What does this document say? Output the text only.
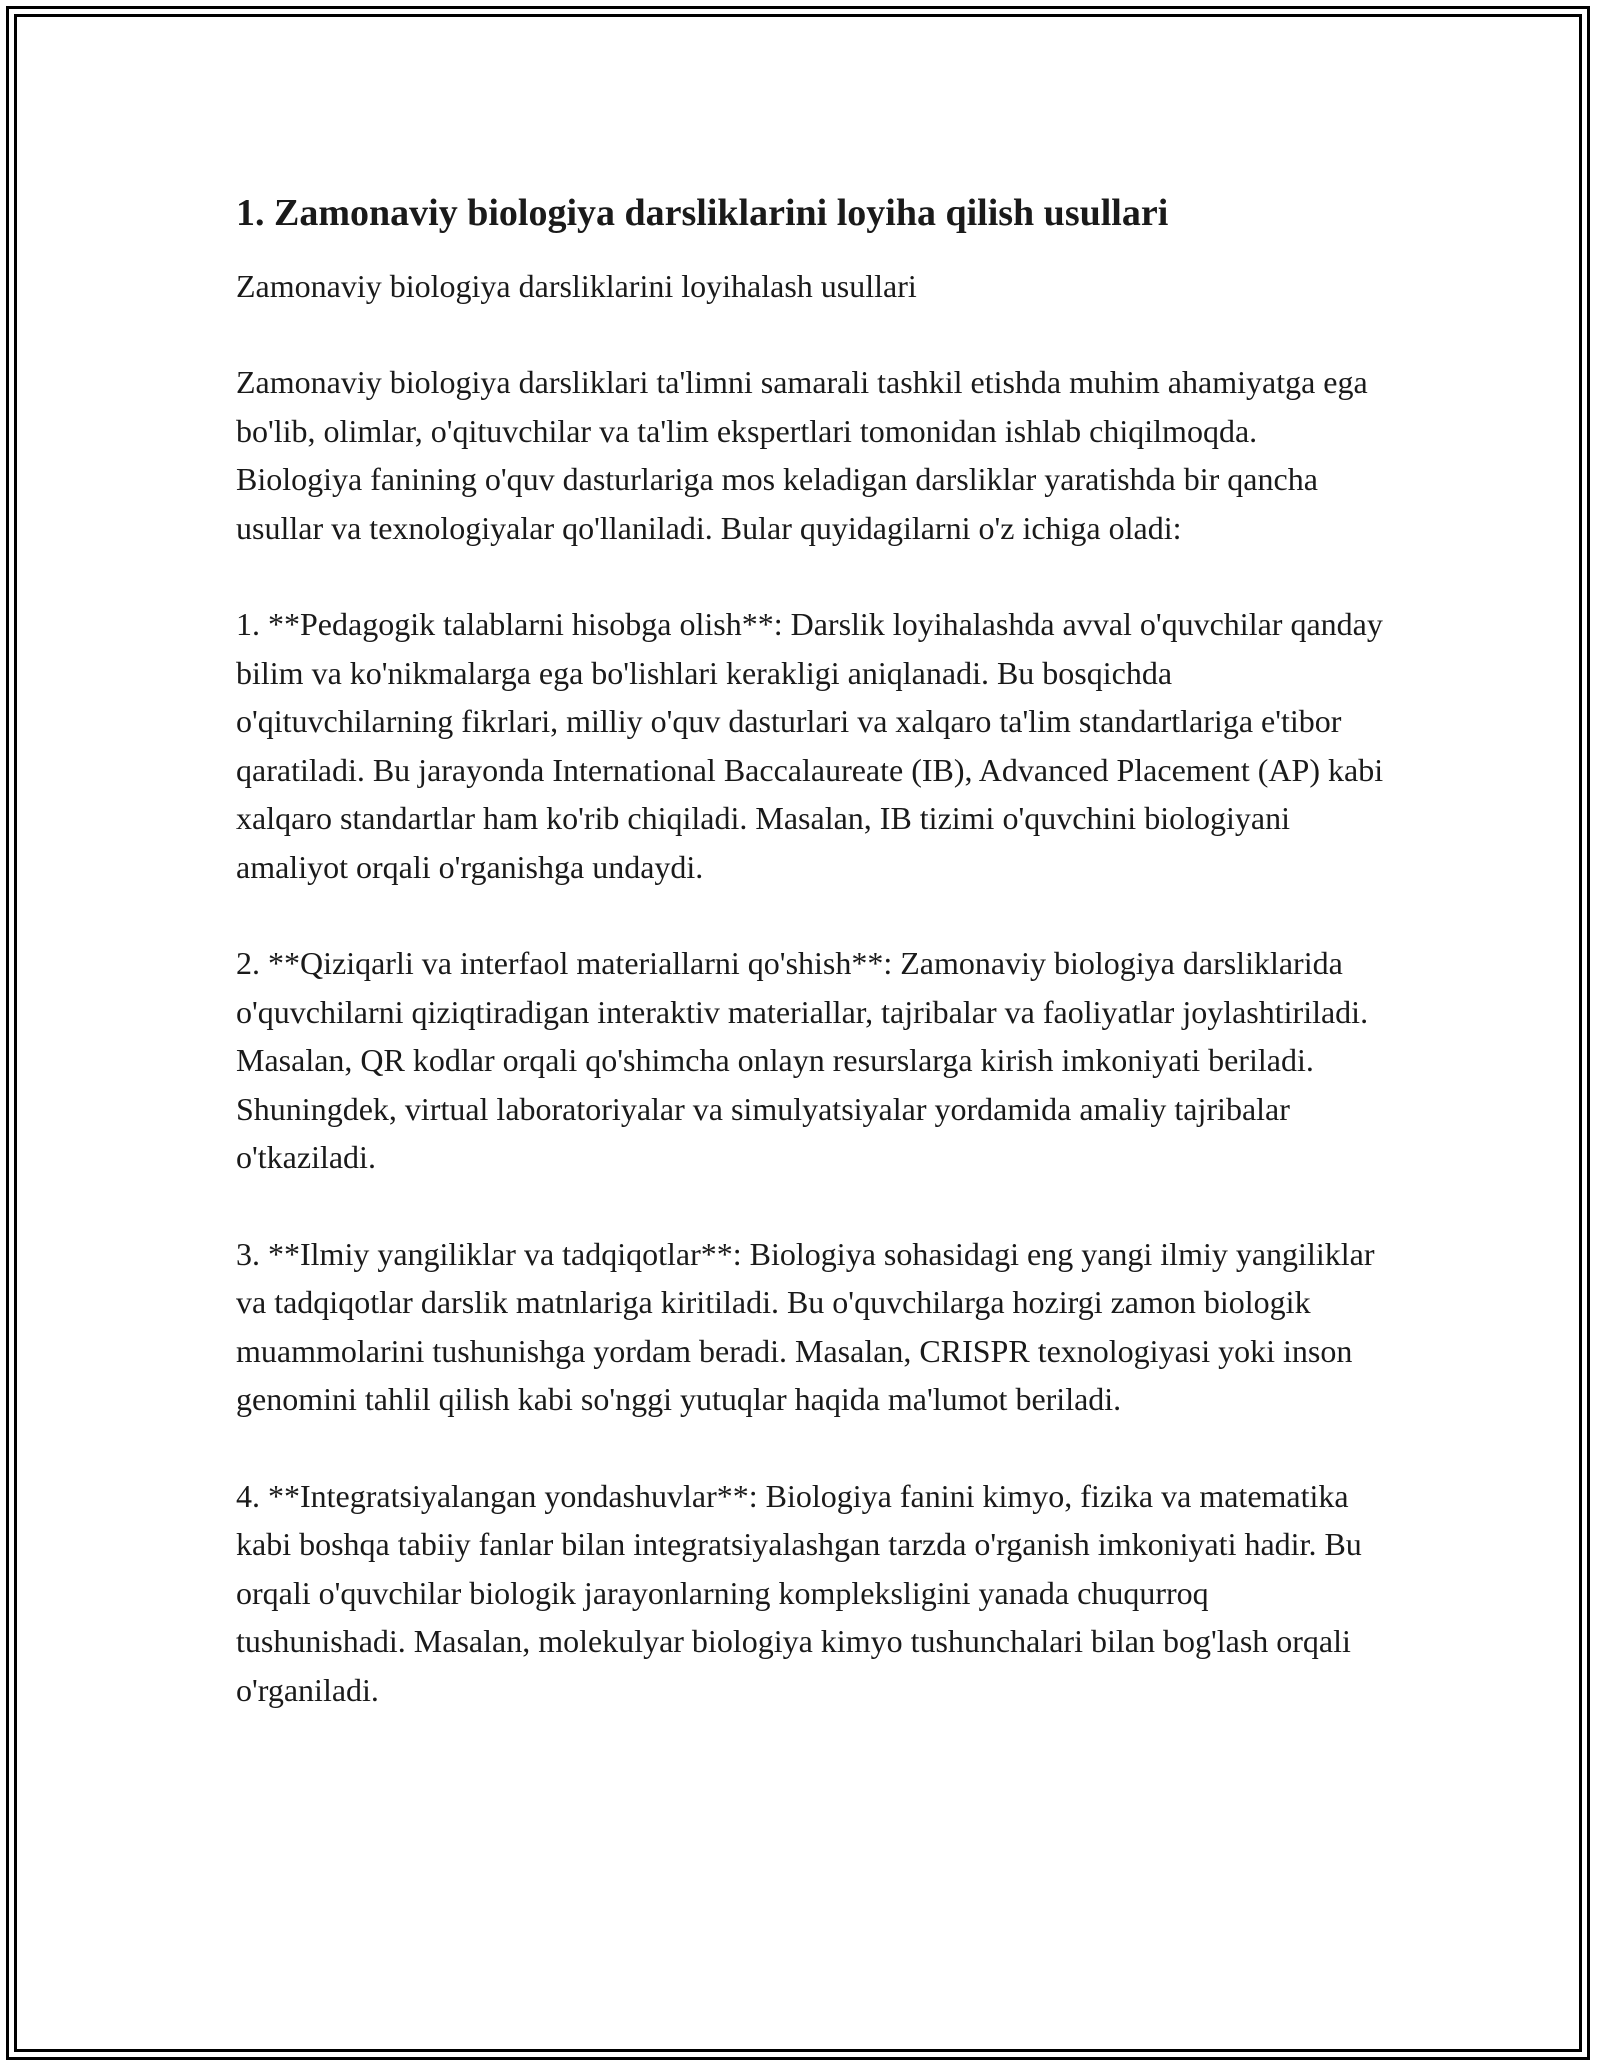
1. Zamonaviy biologiya darsliklarini loyiha qilish usullari

Zamonaviy biologiya darsliklarini loyihalash usullari

Zamonaviy biologiya darsliklari ta'limni samarali tashkil etishda muhim ahamiyatga ega bo'lib, olimlar, o'qituvchilar va ta'lim ekspertlari tomonidan ishlab chiqilmoqda. Biologiya fanining o'quv dasturlariga mos keladigan darsliklar yaratishda bir qancha usullar va texnologiyalar qo'llaniladi. Bular quyidagilarni o'z ichiga oladi:

1. **Pedagogik talablarni hisobga olish**: Darslik loyihalashda avval o'quvchilar qanday bilim va ko'nikmalarga ega bo'lishlari kerakligi aniqlanadi. Bu bosqichda o'qituvchilarning fikrlari, milliy o'quv dasturlari va xalqaro ta'lim standartlariga e'tibor qaratiladi. Bu jarayonda International Baccalaureate (IB), Advanced Placement (AP) kabi xalqaro standartlar ham ko'rib chiqiladi. Masalan, IB tizimi o'quvchini biologiyani amaliyot orqali o'rganishga undaydi.

2. **Qiziqarli va interfaol materiallarni qo'shish**: Zamonaviy biologiya darsliklarida o'quvchilarni qiziqtiradigan interaktiv materiallar, tajribalar va faoliyatlar joylashtiriladi. Masalan, QR kodlar orqali qo'shimcha onlayn resurslarga kirish imkoniyati beriladi. Shuningdek, virtual laboratoriyalar va simulyatsiyalar yordamida amaliy tajribalar o'tkaziladi.

3. **Ilmiy yangiliklar va tadqiqotlar**: Biologiya sohasidagi eng yangi ilmiy yangiliklar va tadqiqotlar darslik matnlariga kiritiladi. Bu o'quvchilarga hozirgi zamon biologik muammolarini tushunishga yordam beradi. Masalan, CRISPR texnologiyasi yoki inson genomini tahlil qilish kabi so'nggi yutuqlar haqida ma'lumot beriladi.

4. **Integratsiyalangan yondashuvlar**: Biologiya fanini kimyo, fizika va matematika kabi boshqa tabiiy fanlar bilan integratsiyalashgan tarzda o'rganish imkoniyati hadir. Bu orqali o'quvchilar biologik jarayonlarning kompleksligini yanada chuqurroq tushunishadi. Masalan, molekulyar biologiya kimyo tushunchalari bilan bog'lash orqali o'rganiladi.
